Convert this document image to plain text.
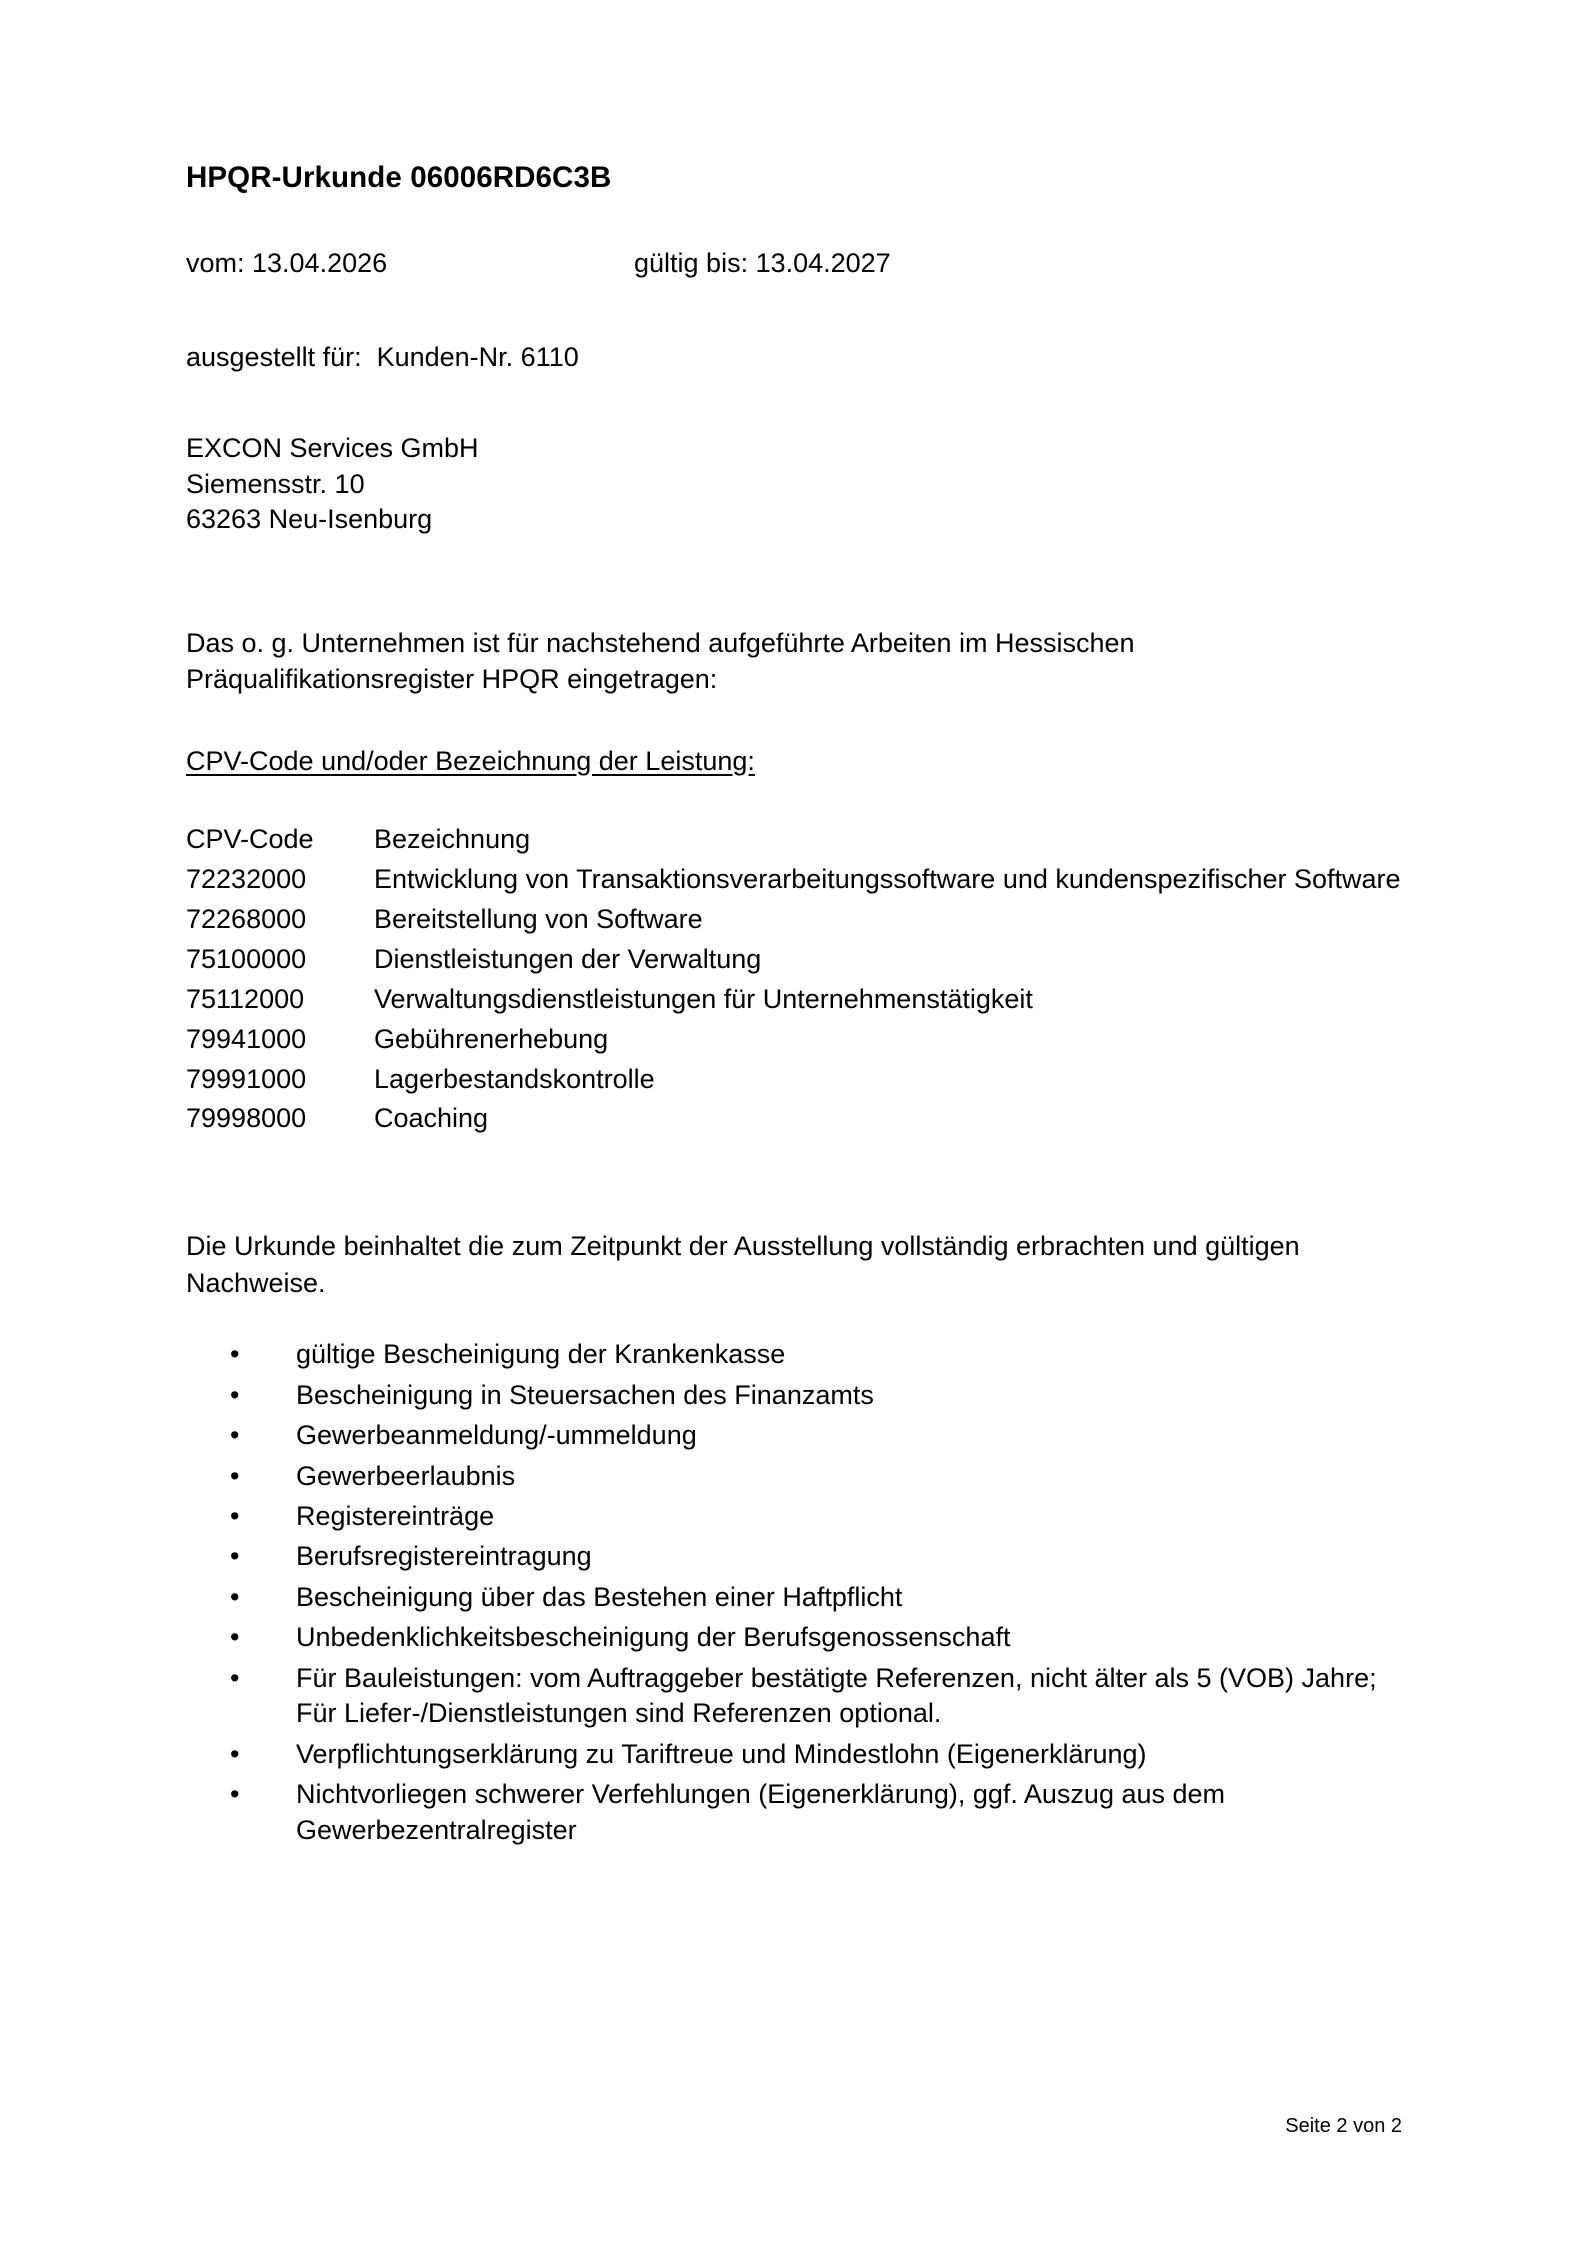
HPQR-Urkunde 06006RD6C3B
vom: 13.04.2026	gültig bis: 13.04.2027
ausgestellt für:  Kunden-Nr. 6110
EXCON Services GmbH
Siemensstr. 10
63263 Neu-Isenburg

Das o. g. Unternehmen ist für nachstehend aufgeführte Arbeiten im Hessischen
Präqualifikationsregister HPQR eingetragen:

CPV-Code und/oder Bezeichnung der Leistung:
CPV-Code	Bezeichnung
72232000	Entwicklung von Transaktionsverarbeitungssoftware und kundenspezifischer Software
72268000	Bereitstellung von Software
75100000	Dienstleistungen der Verwaltung
75112000	Verwaltungsdienstleistungen für Unternehmenstätigkeit
79941000	Gebührenerhebung
79991000	Lagerbestandskontrolle
79998000	Coaching

Die Urkunde beinhaltet die zum Zeitpunkt der Ausstellung vollständig erbrachten und gültigen Nachweise.

• gültige Bescheinigung der Krankenkasse
• Bescheinigung in Steuersachen des Finanzamts
• Gewerbeanmeldung/-ummeldung
• Gewerbeerlaubnis
• Registereinträge
• Berufsregistereintragung
• Bescheinigung über das Bestehen einer Haftpflicht
• Unbedenklichkeitsbescheinigung der Berufsgenossenschaft
• Für Bauleistungen: vom Auftraggeber bestätigte Referenzen, nicht älter als 5 (VOB) Jahre;
Für Liefer-/Dienstleistungen sind Referenzen optional.
• Verpflichtungserklärung zu Tariftreue und Mindestlohn (Eigenerklärung)
• Nichtvorliegen schwerer Verfehlungen (Eigenerklärung), ggf. Auszug aus dem
Gewerbezentralregister
Seite 2 von 2
